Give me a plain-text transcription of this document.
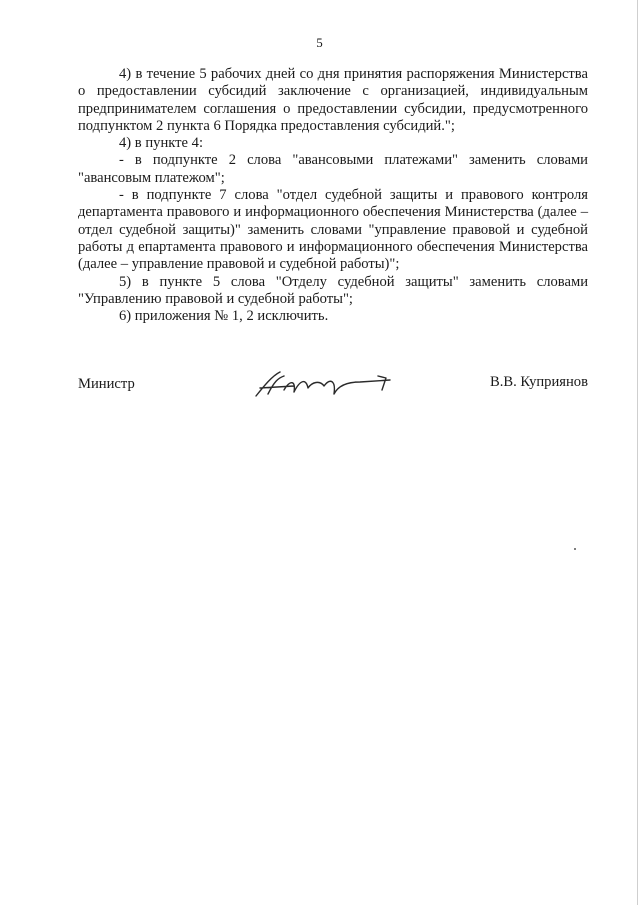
5

4) в течение 5 рабочих дней со дня принятия распоряжения Министерства о предоставлении субсидий заключение с организацией, индивидуальным предпринимателем соглашения о предоставлении субсидии, предусмотренного подпунктом 2 пункта 6 Порядка предоставления субсидий.";

4) в пункте 4:

- в подпункте 2 слова "авансовыми платежами" заменить словами "авансовым платежом";

- в подпункте 7 слова "отдел судебной защиты и правового контроля департамента правового и информационного обеспечения Министерства (далее – отдел судебной защиты)" заменить словами "управление правовой и судебной работы д епартамента правового и информационного обеспечения Министерства (далее – управление правовой и судебной работы)";

5) в пункте 5 слова "Отделу судебной защиты" заменить словами "Управлению правовой и судебной работы";

6) приложения № 1, 2 исключить.

Министр	В.В. Куприянов
